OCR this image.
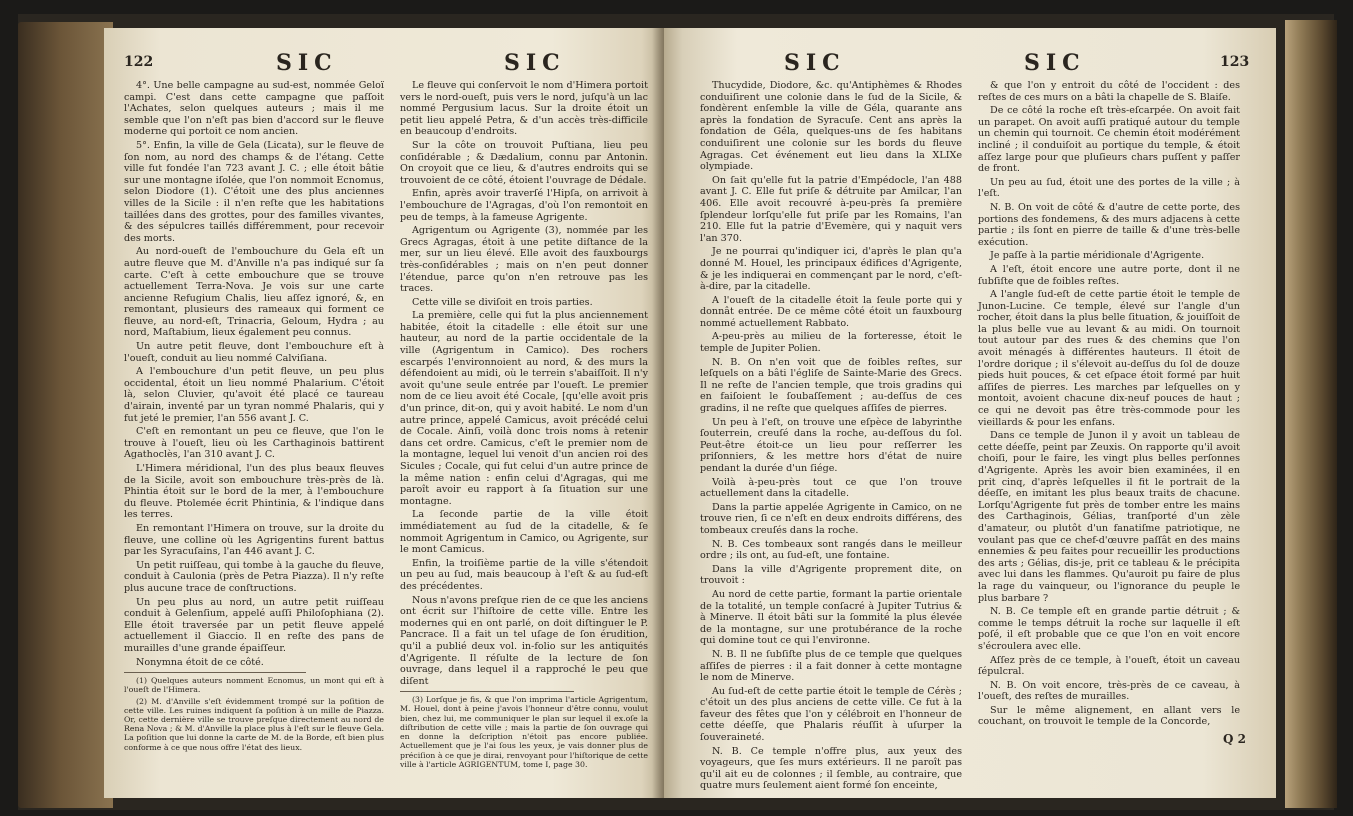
122	SIC	SIC

4°. Une belle campagne au sud-est, nommée Geloï campi. C'est dans cette campagne que paſſoit l'Achates, selon quelques auteurs ; mais il me semble que l'on n'eſt pas bien d'accord sur le fleuve moderne qui portoit ce nom ancien.

5°. Enfin, la ville de Gela (Licata), sur le fleuve de ſon nom, au nord des champs & de l'étang. Cette ville fut fondée l'an 723 avant J. C. ; elle étoit bâtie sur une montagne iſolée, que l'on nommoit Ecnomus, selon Diodore (1). C'étoit une des plus anciennes villes de la Sicile : il n'en reſte que les habitations taillées dans des grottes, pour des familles vivantes, & des sépulcres taillés différemment, pour recevoir des morts.

Au nord-oueſt de l'embouchure du Gela eſt un autre fleuve que M. d'Anville n'a pas indiqué sur ſa carte. C'eſt à cette embouchure que se trouve actuellement Terra-Nova. Je vois sur une carte ancienne Refugium Chalis, lieu aſſez ignoré, &, en remontant, plusieurs des rameaux qui forment ce fleuve, au nord-eſt, Trinacria, Geloum, Hydra ; au nord, Maſtabium, lieux également peu connus.

Un autre petit fleuve, dont l'embouchure eſt à l'oueſt, conduit au lieu nommé Calviſiana.

A l'embouchure d'un petit fleuve, un peu plus occidental, étoit un lieu nommé Phalarium. C'étoit là, selon Cluvier, qu'avoit été placé ce taureau d'airain, inventé par un tyran nommé Phalaris, qui y fut jeté le premier, l'an 556 avant J. C.

C'eſt en remontant un peu ce fleuve, que l'on le trouve à l'oueſt, lieu où les Carthaginois battirent Agathoclès, l'an 310 avant J. C.

L'Himera méridional, l'un des plus beaux fleuves de la Sicile, avoit son embouchure très-près de là. Phintia étoit sur le bord de la mer, à l'embouchure du fleuve. Ptolemée écrit Phintinia, & l'indique dans les terres.

En remontant l'Himera on trouve, sur la droite du fleuve, une colline où les Agrigentins furent battus par les Syracuſains, l'an 446 avant J. C.

Un petit ruiſſeau, qui tombe à la gauche du fleuve, conduit à Caulonia (près de Petra Piazza). Il n'y reſte plus aucune trace de conſtructions.

Un peu plus au nord, un autre petit ruiſſeau conduit à Gelenſium, appelé auſſi Philoſophiana (2). Elle étoit traversée par un petit fleuve appelé actuellement il Giaccio. Il en reſte des pans de murailles d'une grande épaiſſeur.

Nonymna étoit de ce côté.

(1) Quelques auteurs nomment Ecnomus, un mont qui eſt à l'oueſt de l'Himera.

(2) M. d'Anville s'eſt évidemment trompé sur la poſition de cette ville. Les ruines indiquent ſa poſition à un mille de Piazza. Or, cette dernière ville se trouve preſque directement au nord de Rena Nova ; & M. d'Anville la place plus à l'eſt sur le fleuve Gela. La poſition que lui donne la carte de M. de la Borde, eſt bien plus conforme à ce que nous offre l'état des lieux.

Le fleuve qui conſervoit le nom d'Himera portoit vers le nord-oueſt, puis vers le nord, juſqu'à un lac nommé Pergusium lacus. Sur la droite étoit un petit lieu appelé Petra, & d'un accès très-difficile en beaucoup d'endroits.

Sur la côte on trouvoit Puſtiana, lieu peu conſidérable ; & Dædalium, connu par Antonin. On croyoit que ce lieu, & d'autres endroits qui se trouvoient de ce côté, étoient l'ouvrage de Dédale.

Enfin, après avoir traverſé l'Hipſa, on arrivoit à l'embouchure de l'Agragas, d'où l'on remontoit en peu de temps, à la fameuse Agrigente.

Agrigentum ou Agrigente (3), nommée par les Grecs Agragas, étoit à une petite diſtance de la mer, sur un lieu élevé. Elle avoit des fauxbourgs très-conſidérables ; mais on n'en peut donner l'étendue, parce qu'on n'en retrouve pas les traces.

Cette ville se diviſoit en trois parties.

La première, celle qui fut la plus anciennement habitée, étoit la citadelle : elle étoit sur une hauteur, au nord de la partie occidentale de la ville (Agrigentum in Camico). Des rochers escarpés l'environnoient au nord, & des murs la défendoient au midi, où le terrein s'abaiſſoit. Il n'y avoit qu'une seule entrée par l'oueſt. Le premier nom de ce lieu avoit été Cocale, [qu'elle avoit pris d'un prince, dit-on, qui y avoit habité. Le nom d'un autre prince, appelé Camicus, avoit précédé celui de Cocale. Ainſi, voilà donc trois noms à retenir dans cet ordre. Camicus, c'eſt le premier nom de la montagne, lequel lui venoit d'un ancien roi des Sicules ; Cocale, qui fut celui d'un autre prince de la même nation : enfin celui d'Agragas, qui me paroît avoir eu rapport à ſa ſituation sur une montagne.

La ſeconde partie de la ville étoit immédiatement au ſud de la citadelle, & ſe nommoit Agrigentum in Camico, ou Agrigente, sur le mont Camicus.

Enfin, la troiſième partie de la ville s'étendoit un peu au ſud, mais beaucoup à l'eſt & au ſud-eſt des précédentes.

Nous n'avons preſque rien de ce que les anciens ont écrit sur l'hiſtoire de cette ville. Entre les modernes qui en ont parlé, on doit diſtinguer le P. Pancrace. Il a fait un tel uſage de ſon érudition, qu'il a publié deux vol. in-folio sur les antiquités d'Agrigente. Il réſulte de la lecture de ſon ouvrage, dans lequel il a rapproché le peu que diſent

(3) Lorſque je fis, & que l'on imprima l'article Agrigentum, M. Houel, dont à peine j'avois l'honneur d'être connu, voulut bien, chez lui, me communiquer le plan sur lequel il ex.oſe la diſtribution de cette ville ; mais la partie de ſon ouvrage qui en donne la deſcription n'étoit pas encore publiée. Actuellement que je l'ai ſous les yeux, je vais donner plus de préciſion à ce que je dirai, renvoyant pour l'hiſtorique de cette ville à l'article AGRIGENTUM, tome I, page 30.

SIC	SIC	123

Thucydide, Diodore, &c. qu'Antiphèmes & Rhodes conduiſirent une colonie dans le ſud de la Sicile, & fondèrent enſemble la ville de Géla, quarante ans après la fondation de Syracuſe. Cent ans après la fondation de Géla, quelques-uns de ſes habitans conduiſirent une colonie sur les bords du fleuve Agragas. Cet événement eut lieu dans la XLIXe olympiade.

On ſait qu'elle fut la patrie d'Empédocle, l'an 488 avant J. C. Elle fut priſe & détruite par Amilcar, l'an 406. Elle avoit recouvré à-peu-près ſa première ſplendeur lorſqu'elle fut priſe par les Romains, l'an 210. Elle fut la patrie d'Evemère, qui y naquit vers l'an 370.

Je ne pourrai qu'indiquer ici, d'après le plan qu'a donné M. Houel, les principaux édifices d'Agrigente, & je les indiquerai en commençant par le nord, c'eſt-à-dire, par la citadelle.

A l'oueſt de la citadelle étoit la ſeule porte qui y donnât entrée. De ce même côté étoit un fauxbourg nommé actuellement Rabbato.

A-peu-près au milieu de la forteresse, étoit le temple de Jupiter Polien.

N. B. On n'en voit que de foibles reſtes, sur leſquels on a bâti l'égliſe de Sainte-Marie des Grecs. Il ne reſte de l'ancien temple, que trois gradins qui en faiſoient le ſoubaſſement ; au-deſſus de ces gradins, il ne reſte que quelques aſſiſes de pierres.

Un peu à l'eſt, on trouve une eſpèce de labyrinthe ſouterrein, creuſé dans la roche, au-deſſous du ſol. Peut-être étoit-ce un lieu pour reſſerrer les priſonniers, & les mettre hors d'état de nuire pendant la durée d'un ſiége.

Voilà à-peu-près tout ce que l'on trouve actuellement dans la citadelle.

Dans la partie appelée Agrigente in Camico, on ne trouve rien, ſi ce n'eſt en deux endroits différens, des tombeaux creuſés dans la roche.

N. B. Ces tombeaux sont rangés dans le meilleur ordre ; ils ont, au ſud-eſt, une fontaine.

Dans la ville d'Agrigente proprement dite, on trouvoit :

Au nord de cette partie, formant la partie orientale de la totalité, un temple conſacré à Jupiter Tutrius & à Minerve. Il étoit bâti sur la ſommité la plus élevée de la montagne, sur une protubérance de la roche qui domine tout ce qui l'environne.

N. B. Il ne ſubſiſte plus de ce temple que quelques aſſiſes de pierres : il a fait donner à cette montagne le nom de Minerve.

Au ſud-eſt de cette partie étoit le temple de Cérès ; c'étoit un des plus anciens de cette ville. Ce fut à la faveur des fêtes que l'on y célébroit en l'honneur de cette déeſſe, que Phalaris réuſſit à uſurper la ſouveraineté.

N. B. Ce temple n'offre plus, aux yeux des voyageurs, que ſes murs extérieurs. Il ne paroît pas qu'il ait eu de colonnes ; il ſemble, au contraire, que quatre murs ſeulement aient formé ſon enceinte,

& que l'on y entroit du côté de l'occident : des reſtes de ces murs on a bâti la chapelle de S. Blaiſe.

De ce côté la roche eſt très-eſcarpée. On avoit fait un parapet. On avoit auſſi pratiqué autour du temple un chemin qui tournoit. Ce chemin étoit modérément incliné ; il conduiſoit au portique du temple, & étoit aſſez large pour que pluſieurs chars puſſent y paſſer de front.

Un peu au ſud, étoit une des portes de la ville ; à l'eſt.

N. B. On voit de côté & d'autre de cette porte, des portions des fondemens, & des murs adjacens à cette partie ; ils ſont en pierre de taille & d'une très-belle exécution.

Je paſſe à la partie méridionale d'Agrigente.

A l'eſt, étoit encore une autre porte, dont il ne ſubſiſte que de foibles reſtes.

A l'angle ſud-eſt de cette partie étoit le temple de Junon-Lucine. Ce temple, élevé sur l'angle d'un rocher, étoit dans la plus belle ſituation, & jouiſſoit de la plus belle vue au levant & au midi. On tournoit tout autour par des rues & des chemins que l'on avoit ménagés à différentes hauteurs. Il étoit de l'ordre dorique ; il s'élevoit au-deſſus du ſol de douze pieds huit pouces, & cet eſpace étoit formé par huit aſſiſes de pierres. Les marches par leſquelles on y montoit, avoient chacune dix-neuf pouces de haut ; ce qui ne devoit pas être très-commode pour les vieillards & pour les enfans.

Dans ce temple de Junon il y avoit un tableau de cette déeſſe, peint par Zeuxis. On rapporte qu'il avoit choiſi, pour le faire, les vingt plus belles perſonnes d'Agrigente. Après les avoir bien examinées, il en prit cinq, d'après leſquelles il fit le portrait de la déeſſe, en imitant les plus beaux traits de chacune. Lorſqu'Agrigente fut près de tomber entre les mains des Carthaginois, Gélias, tranſporté d'un zèle d'amateur, ou plutôt d'un fanatiſme patriotique, ne voulant pas que ce chef-d'œuvre paſſât en des mains ennemies & peu faites pour recueillir les productions des arts ; Gélias, dis-je, prit ce tableau & le précipita avec lui dans les flammes. Qu'auroit pu faire de plus la rage du vainqueur, ou l'ignorance du peuple le plus barbare ?

N. B. Ce temple eſt en grande partie détruit ; & comme le temps détruit la roche sur laquelle il eſt poſé, il eſt probable que ce que l'on en voit encore s'écroulera avec elle.

Aſſez près de ce temple, à l'oueſt, étoit un caveau ſépulcral.

N. B. On voit encore, très-près de ce caveau, à l'oueſt, des reſtes de murailles.

Sur le même alignement, en allant vers le couchant, on trouvoit le temple de la Concorde,

Q 2
